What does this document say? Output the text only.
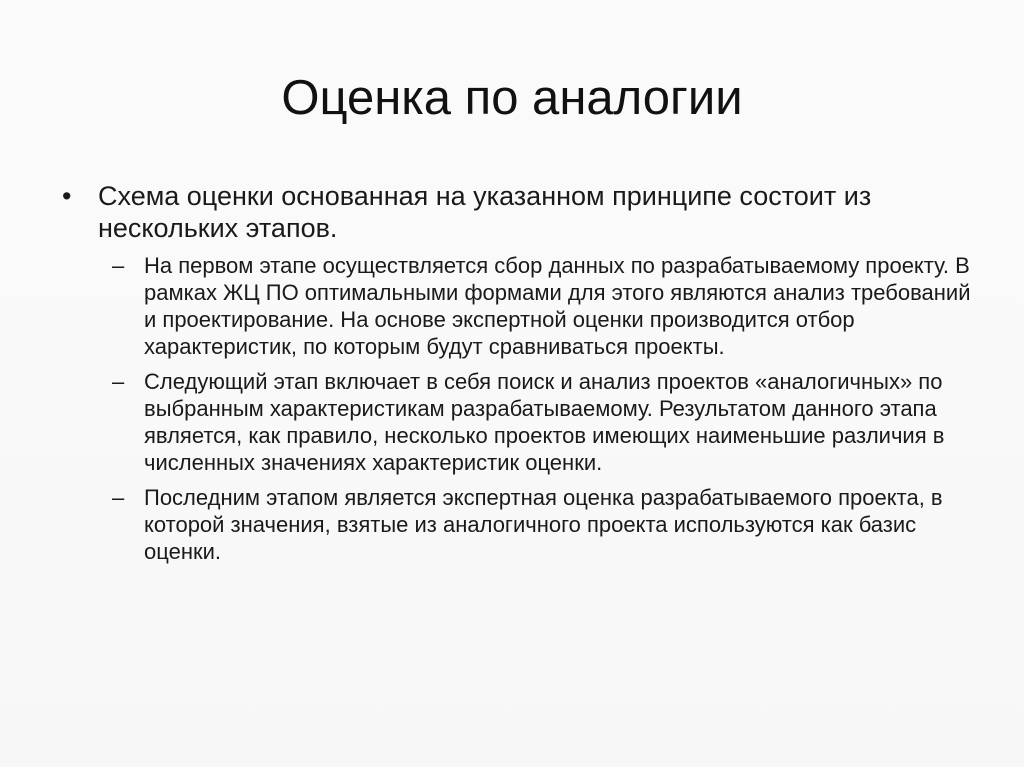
Оценка по аналогии
• Схема оценки основанная на указанном принципе состоит из нескольких этапов.
– На первом этапе осуществляется сбор данных по разрабатываемому проекту. В рамках ЖЦ ПО оптимальными формами для этого являются анализ требований и проектирование. На основе экспертной оценки производится отбор характеристик, по которым будут сравниваться проекты.
– Следующий этап включает в себя поиск и анализ проектов «аналогичных» по выбранным характеристикам разрабатываемому. Результатом данного этапа является, как правило, несколько проектов имеющих наименьшие различия в численных значениях характеристик оценки.
– Последним этапом является экспертная оценка разрабатываемого проекта, в которой значения, взятые из аналогичного проекта используются как базис оценки.
